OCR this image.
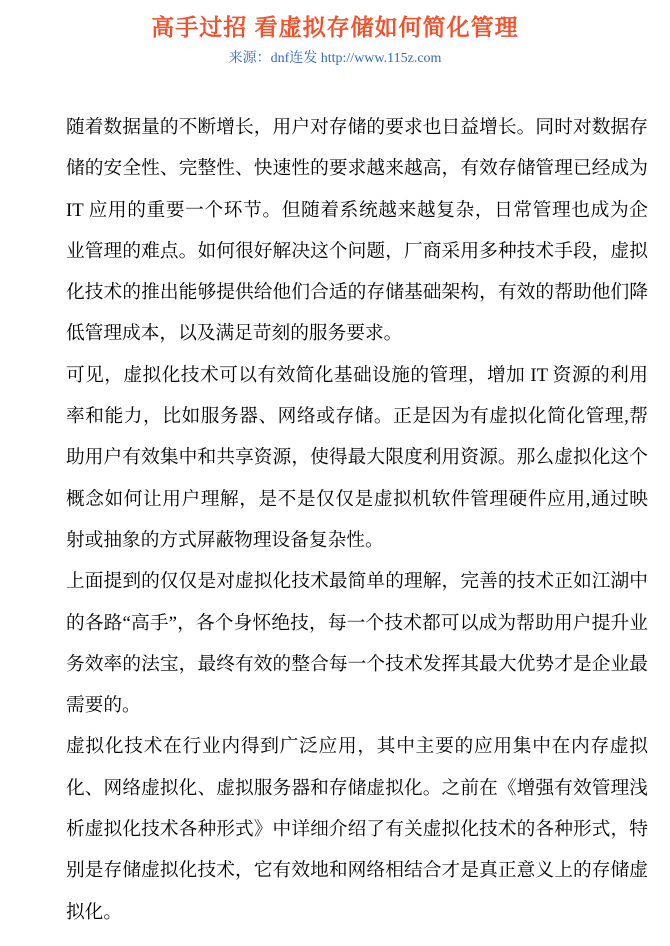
高手过招 看虚拟存储如何简化管理
来源：dnf连发 http://www.115z.com

随着数据量的不断增长，用户对存储的要求也日益增长。同时对数据存储的安全性、完整性、快速性的要求越来越高，有效存储管理已经成为 IT 应用的重要一个环节。但随着系统越来越复杂，日常管理也成为企业管理的难点。如何很好解决这个问题，厂商采用多种技术手段，虚拟化技术的推出能够提供给他们合适的存储基础架构，有效的帮助他们降低管理成本，以及满足苛刻的服务要求。

可见，虚拟化技术可以有效简化基础设施的管理，增加 IT 资源的利用率和能力，比如服务器、网络或存储。正是因为有虚拟化简化管理,帮助用户有效集中和共享资源，使得最大限度利用资源。那么虚拟化这个概念如何让用户理解，是不是仅仅是虚拟机软件管理硬件应用,通过映射或抽象的方式屏蔽物理设备复杂性。

上面提到的仅仅是对虚拟化技术最简单的理解，完善的技术正如江湖中的各路“高手”，各个身怀绝技，每一个技术都可以成为帮助用户提升业务效率的法宝，最终有效的整合每一个技术发挥其最大优势才是企业最需要的。

虚拟化技术在行业内得到广泛应用，其中主要的应用集中在内存虚拟化、网络虚拟化、虚拟服务器和存储虚拟化。之前在《增强有效管理浅析虚拟化技术各种形式》中详细介绍了有关虚拟化技术的各种形式，特别是存储虚拟化技术，它有效地和网络相结合才是真正意义上的存储虚拟化。
